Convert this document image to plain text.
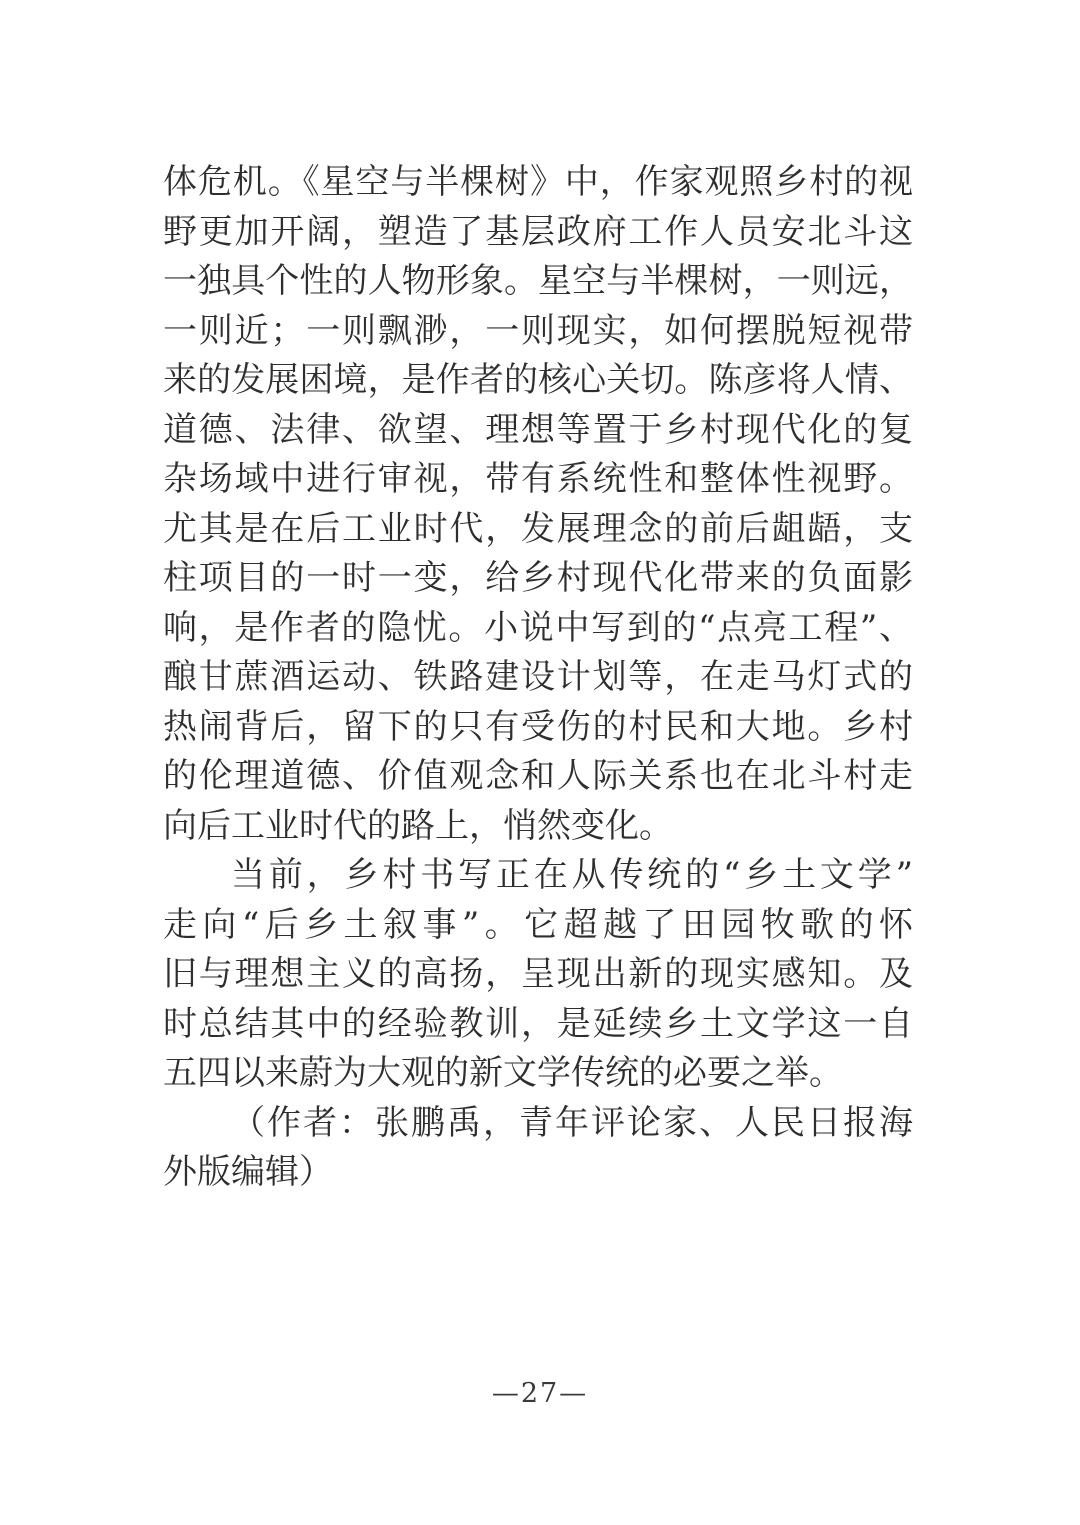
体危机。《星空与半棵树》中，作家观照乡村的视
野更加开阔，塑造了基层政府工作人员安北斗这
一独具个性的人物形象。星空与半棵树，一则远，
一则近；一则飘渺，一则现实，如何摆脱短视带
来的发展困境，是作者的核心关切。陈彦将人情、
道德、法律、欲望、理想等置于乡村现代化的复
杂场域中进行审视，带有系统性和整体性视野。
尤其是在后工业时代，发展理念的前后龃龉，支
柱项目的一时一变，给乡村现代化带来的负面影
响，是作者的隐忧。小说中写到的“点亮工程”、
酿甘蔗酒运动、铁路建设计划等，在走马灯式的
热闹背后，留下的只有受伤的村民和大地。乡村
的伦理道德、价值观念和人际关系也在北斗村走
向后工业时代的路上，悄然变化。
当前，乡村书写正在从传统的“乡土文学”
走向“后乡土叙事”。它超越了田园牧歌的怀
旧与理想主义的高扬，呈现出新的现实感知。及
时总结其中的经验教训，是延续乡土文学这一自
五四以来蔚为大观的新文学传统的必要之举。
（作者：张鹏禹，青年评论家、人民日报海
外版编辑）
—27—
